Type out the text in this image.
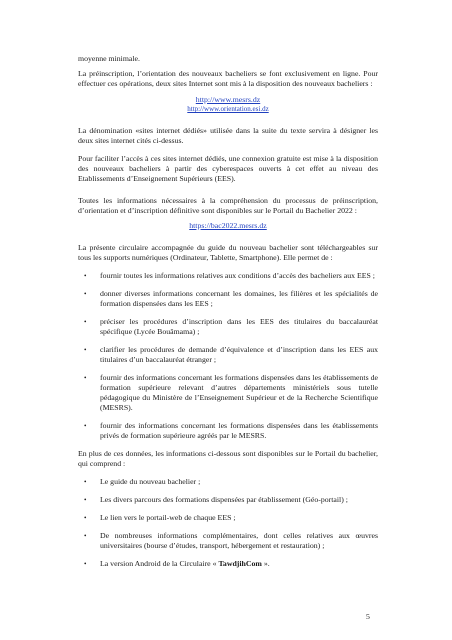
moyenne minimale.

La préinscription, l’orientation des nouveaux bacheliers se font exclusivement en ligne. Pour effectuer ces opérations, deux sites Internet sont mis à la disposition des nouveaux bacheliers :

http://www.mesrs.dz
http://www.orientation.esi.dz

La dénomination «sites internet dédiés» utilisée dans la suite du texte servira à désigner les deux sites internet cités ci-dessus.

Pour faciliter l’accès à ces sites internet dédiés, une connexion gratuite est mise à la disposition des nouveaux bacheliers à partir des cyberespaces ouverts à cet effet au niveau des Etablissements d’Enseignement Supérieurs (EES).

Toutes les informations nécessaires à la compréhension du processus de préinscription, d’orientation et d’inscription définitive sont disponibles sur le Portail du Bachelier 2022 :

https://bac2022.mesrs.dz

La présente circulaire accompagnée du guide du nouveau bachelier sont téléchargeables sur tous les supports numériques (Ordinateur, Tablette, Smartphone). Elle permet de :

• fournir toutes les informations relatives aux conditions d’accès des bacheliers aux EES ;
• donner diverses informations concernant les domaines, les filières et les spécialités de formation dispensées dans les EES ;
• préciser les procédures d’inscription dans les EES des titulaires du baccalauréat spécifique (Lycée Bouâmama) ;
• clarifier les procédures de demande d’équivalence et d’inscription dans les EES aux titulaires d’un baccalauréat étranger ;
• fournir des informations concernant les formations dispensées dans les établissements de formation supérieure relevant d’autres départements ministériels sous tutelle pédagogique du Ministère de l’Enseignement Supérieur et de la Recherche Scientifique (MESRS).
• fournir des informations concernant les formations dispensées dans les établissements privés de formation supérieure agréés par le MESRS.

En plus de ces données, les informations ci-dessous sont disponibles sur le Portail du bachelier, qui comprend :

• Le guide du nouveau bachelier ;
• Les divers parcours des formations dispensées par établissement (Géo-portail) ;
• Le lien vers le portail-web de chaque EES ;
• De nombreuses informations complémentaires, dont celles relatives aux œuvres universitaires (bourse d’études, transport, hébergement et restauration) ;
• La version Android de la Circulaire « TawdjihCom ».
5
